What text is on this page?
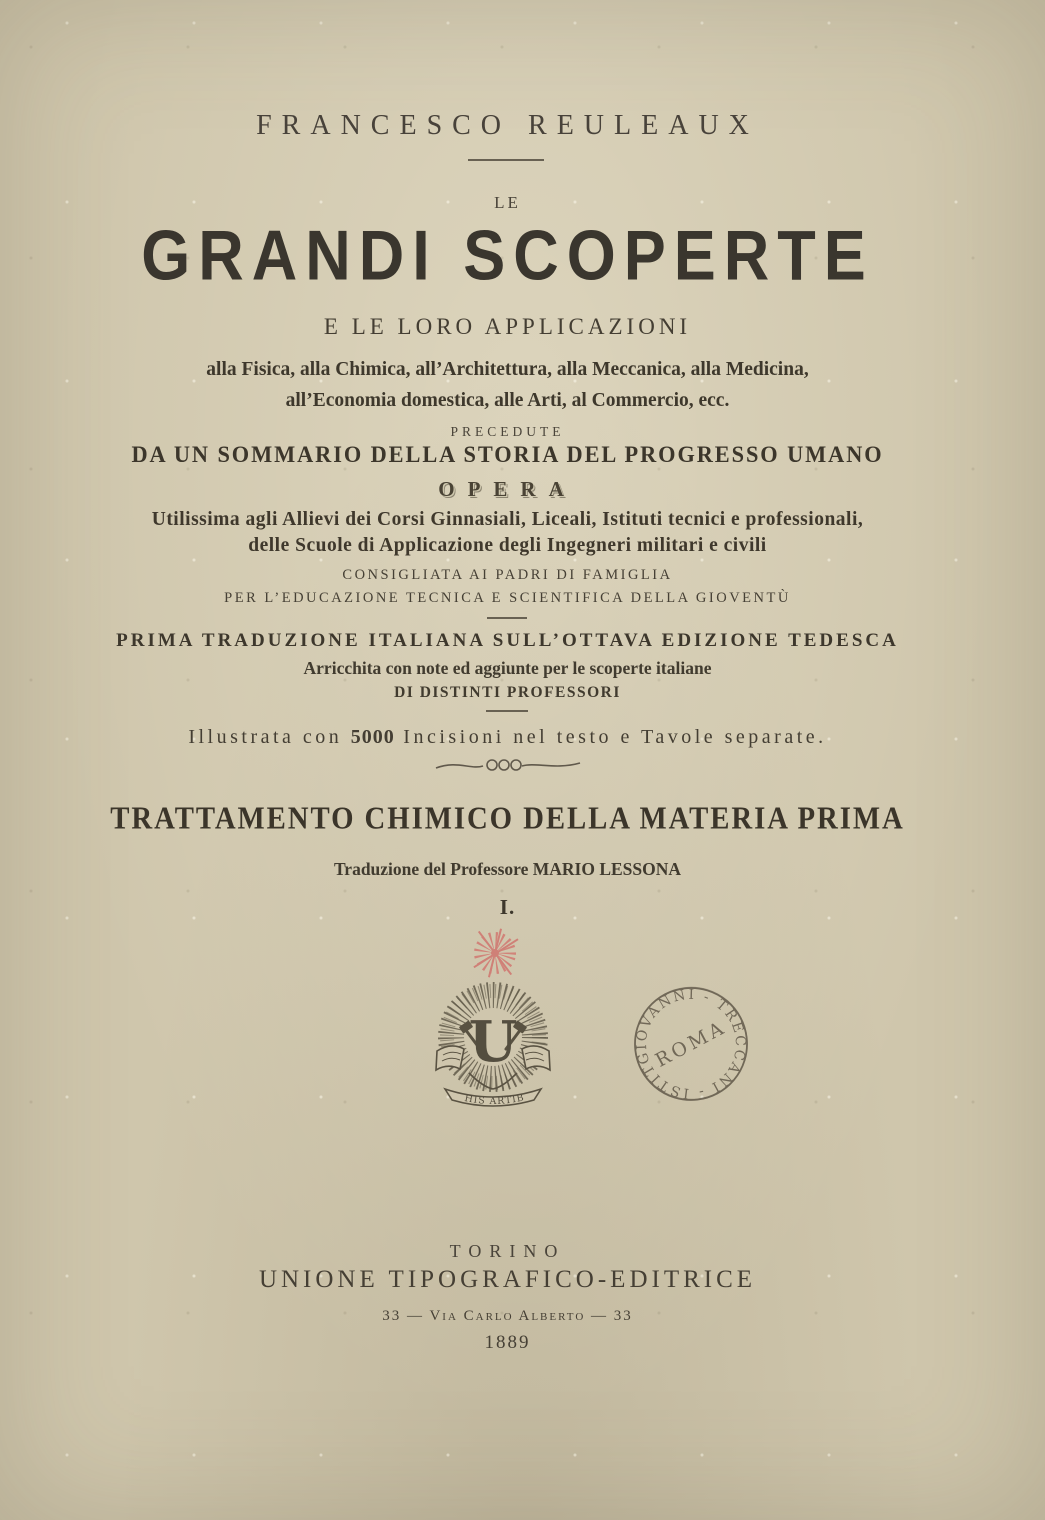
FRANCESCO REULEAUX
LE
GRANDI SCOPERTE
E LE LORO APPLICAZIONI
alla Fisica, alla Chimica, all’Architettura, alla Meccanica, alla Medicina,
all’Economia domestica, alle Arti, al Commercio, ecc.
PRECEDUTE
DA UN SOMMARIO DELLA STORIA DEL PROGRESSO UMANO
OPERA
Utilissima agli Allievi dei Corsi Ginnasiali, Liceali, Istituti tecnici e professionali,
delle Scuole di Applicazione degli Ingegneri militari e civili
CONSIGLIATA AI PADRI DI FAMIGLIA
PER L’EDUCAZIONE TECNICA E SCIENTIFICA DELLA GIOVENTÙ
PRIMA TRADUZIONE ITALIANA SULL’OTTAVA EDIZIONE TEDESCA
Arricchita con note ed aggiunte per le scoperte italiane
DI DISTINTI PROFESSORI
Illustrata con 5000 Incisioni nel testo e Tavole separate.
TRATTAMENTO CHIMICO DELLA MATERIA PRIMA
Traduzione del Professore MARIO LESSONA
I.
U
HIS ARTIB
GIOVANNI - TRECCANI - ISTITUTO	ROMA
TORINO
UNIONE TIPOGRAFICO-EDITRICE
33 — Via Carlo Alberto — 33
1889
